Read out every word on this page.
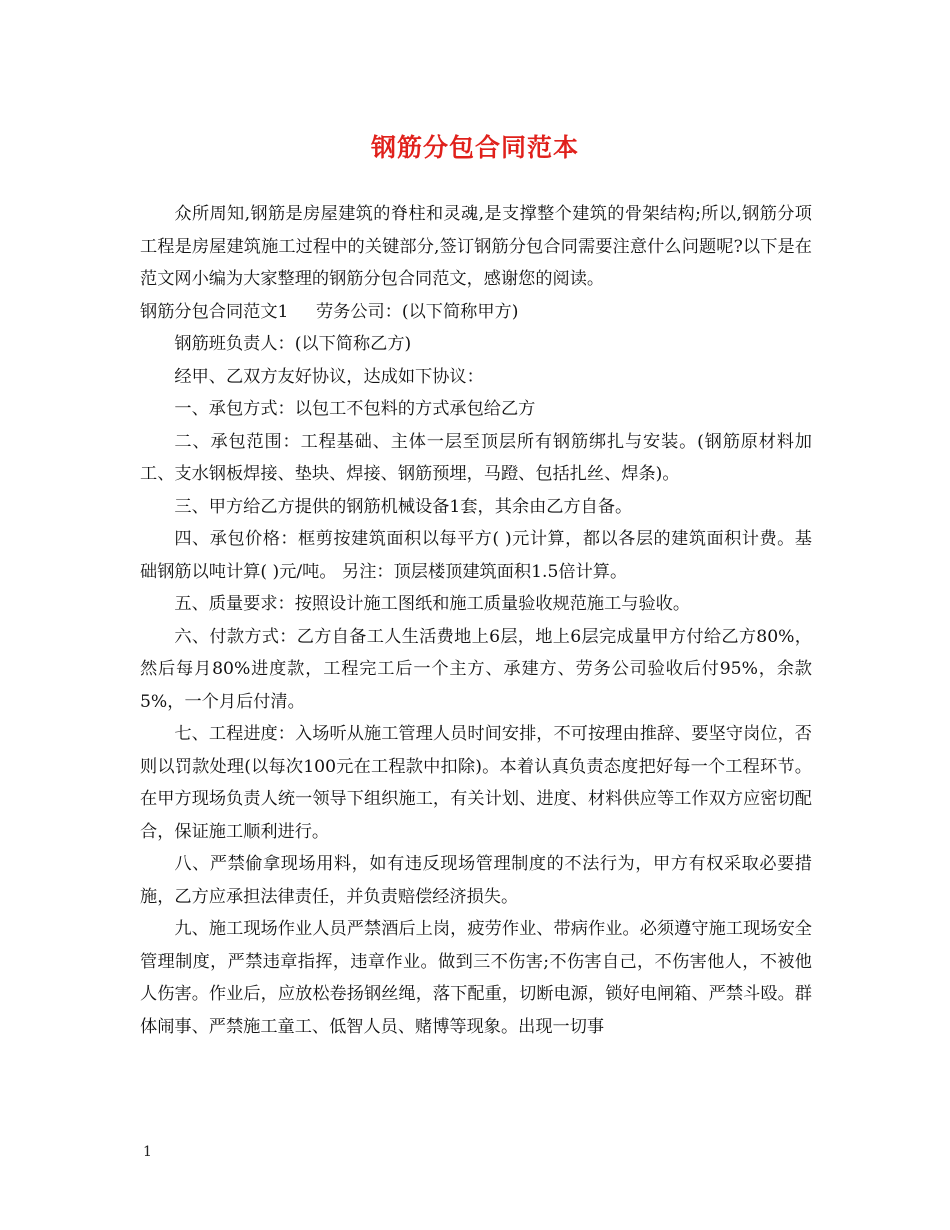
钢筋分包合同范本

众所周知,钢筋是房屋建筑的脊柱和灵魂,是支撑整个建筑的骨架结构;所以,钢筋分项工程是房屋建筑施工过程中的关键部分,签订钢筋分包合同需要注意什么问题呢?以下是在范文网小编为大家整理的钢筋分包合同范文，感谢您的阅读。

钢筋分包合同范文1 劳务公司：(以下简称甲方)

钢筋班负责人：(以下简称乙方)

经甲、乙双方友好协议，达成如下协议：

一、承包方式：以包工不包料的方式承包给乙方

二、承包范围：工程基础、主体一层至顶层所有钢筋绑扎与安装。(钢筋原材料加工、支水钢板焊接、垫块、焊接、钢筋预埋，马蹬、包括扎丝、焊条)。

三、甲方给乙方提供的钢筋机械设备1套，其余由乙方自备。

四、承包价格：框剪按建筑面积以每平方( )元计算，都以各层的建筑面积计费。基础钢筋以吨计算( )元/吨。 另注：顶层楼顶建筑面积1.5倍计算。

五、质量要求：按照设计施工图纸和施工质量验收规范施工与验收。

六、付款方式：乙方自备工人生活费地上6层，地上6层完成量甲方付给乙方80%，然后每月80%进度款，工程完工后一个主方、承建方、劳务公司验收后付95%，余款5%，一个月后付清。

七、工程进度：入场听从施工管理人员时间安排，不可按理由推辞、要坚守岗位，否则以罚款处理(以每次100元在工程款中扣除)。本着认真负责态度把好每一个工程环节。在甲方现场负责人统一领导下组织施工，有关计划、进度、材料供应等工作双方应密切配合，保证施工顺利进行。

八、严禁偷拿现场用料，如有违反现场管理制度的不法行为，甲方有权采取必要措施，乙方应承担法律责任，并负责赔偿经济损失。

九、施工现场作业人员严禁酒后上岗，疲劳作业、带病作业。必须遵守施工现场安全管理制度，严禁违章指挥，违章作业。做到三不伤害;不伤害自己，不伤害他人，不被他人伤害。作业后，应放松卷扬钢丝绳，落下配重，切断电源，锁好电闸箱、严禁斗殴。群体闹事、严禁施工童工、低智人员、赌博等现象。出现一切事

1
